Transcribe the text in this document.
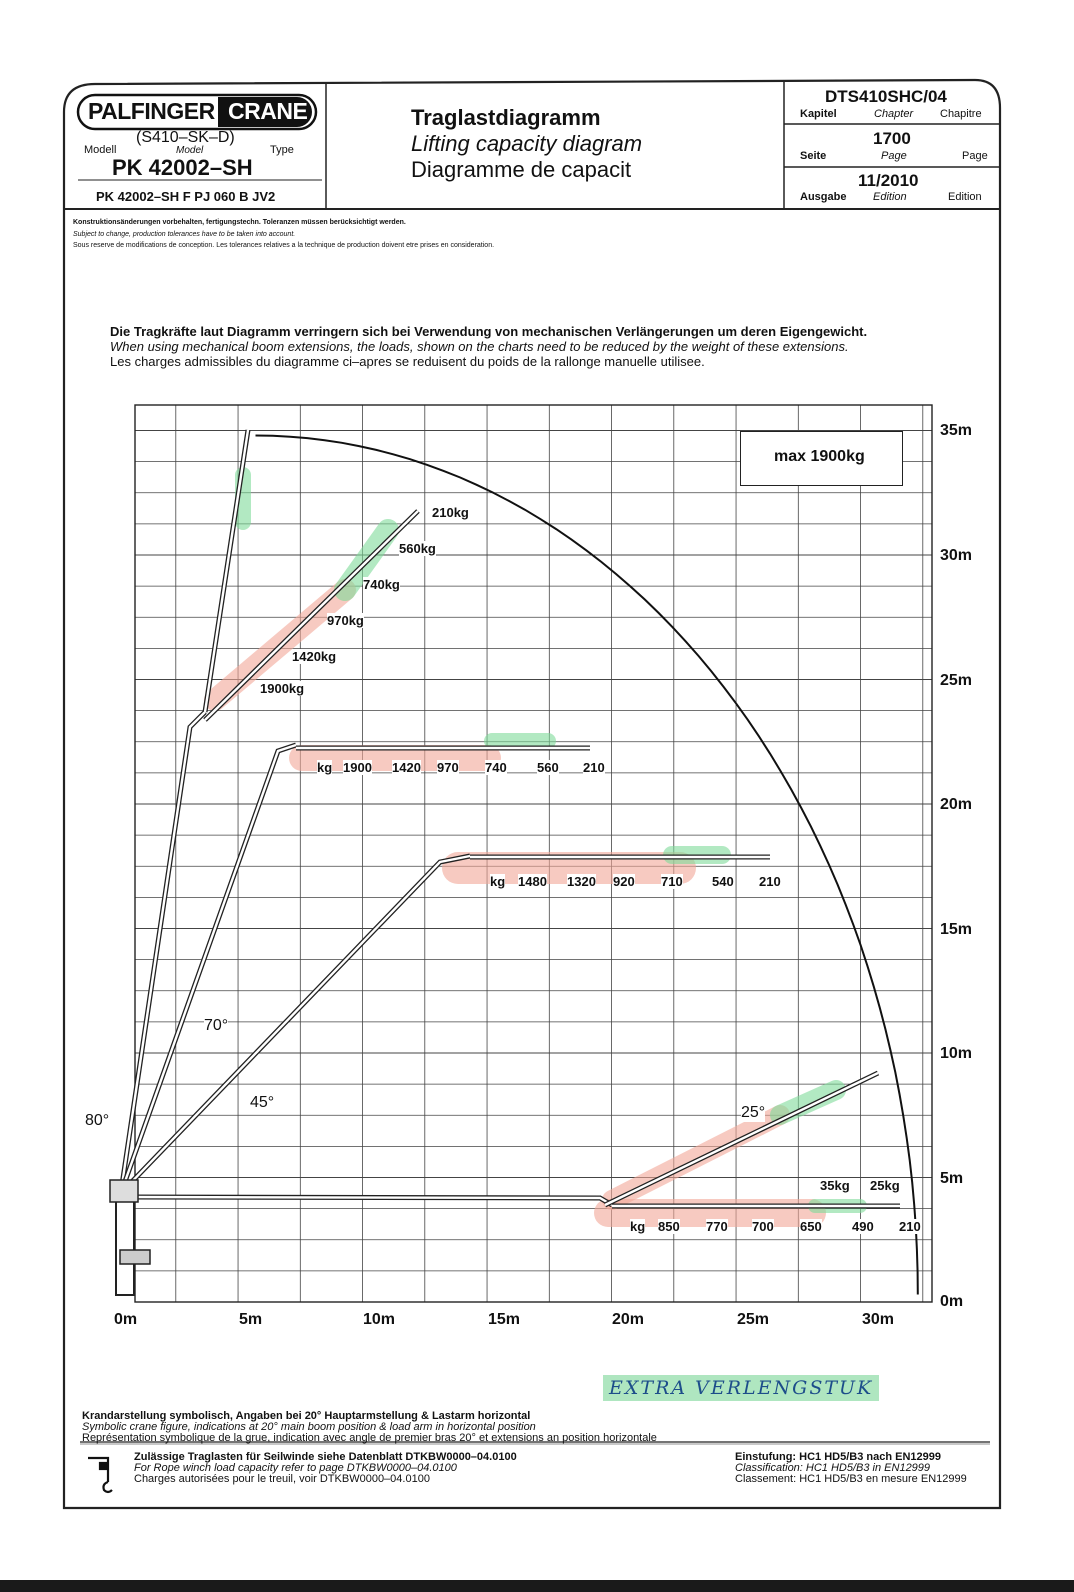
PALFINGER CRANE
Modell
(S410–SK–D)
Model	Type
PK 42002–SH
PK 42002–SH F PJ 060 B JV2
Traglastdiagramm
Lifting capacity diagram
Diagramme de capacit
DTS410SHC/04
Kapitel	Chapter Chapitre
1700
Seite	Page	Page
11/2010
Ausgabe Edition	Edition
Konstruktionsänderungen vorbehalten, fertigungstechn. Toleranzen müssen berücksichtigt werden.
Subject to change, production tolerances have to be taken into account.
Sous reserve de modifications de conception. Les tolerances relatives a la technique de production doivent etre prises en consideration.
Die Tragkräfte laut Diagramm verringern sich bei Verwendung von mechanischen Verlängerungen um deren Eigengewicht.
When using mechanical boom extensions, the loads, shown on the charts need to be reduced by the weight of these extensions.
Les charges admissibles du diagramme ci–apres se reduisent du poids de la rallonge manuelle utilisee.
max 1900kg
0m	5m	10m	15m	20m	25m	30m
0m
5m
10m
15m
20m
25m
30m
35m
80°
70°
45°
25°
1900kg
1420kg
970kg
740kg
560kg
210kg
kg 1900 1420 970 740 560 210
kg 1480 1320 920 710 540 210
35kg 25kg
kg 850 770 700 650 490 210
EXTRA VERLENGSTUK
Krandarstellung symbolisch, Angaben bei 20° Hauptarmstellung & Lastarm horizontal
Symbolic crane figure, indications at 20° main boom position & load arm in horizontal position
Représentation symbolique de la grue, indication avec angle de premier bras 20° et extensions an position horizontale
Zulässige Traglasten für Seilwinde siehe Datenblatt DTKBW0000–04.0100
For Rope winch load capacity refer to page DTKBW0000–04.0100
Charges autorisées pour le treuil, voir DTKBW0000–04.0100
Einstufung: HC1 HD5/B3 nach EN12999
Classification: HC1 HD5/B3 in EN12999
Classement: HC1 HD5/B3 en mesure EN12999
